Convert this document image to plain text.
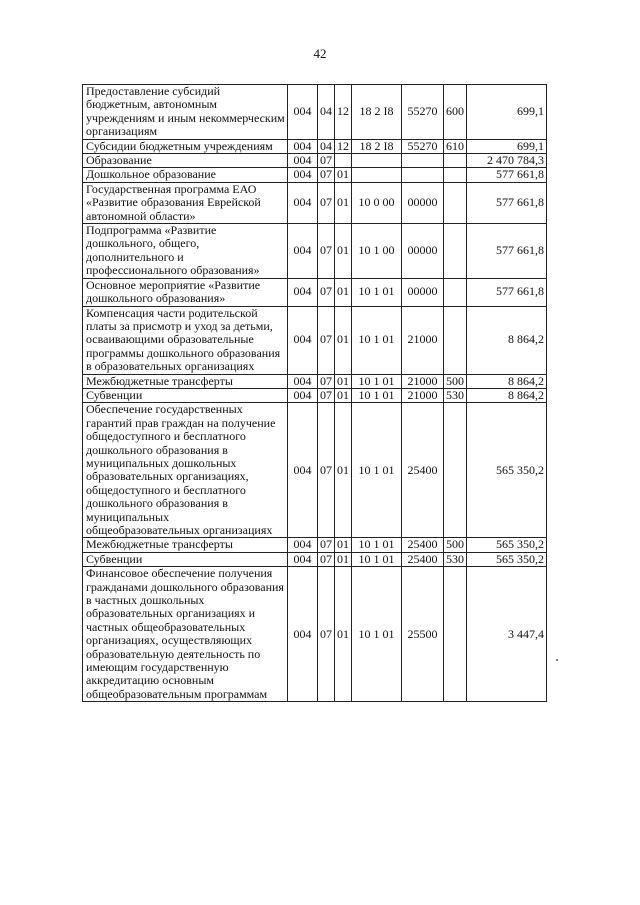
42
Предоставление субсидий бюджетным, автономным учреждениям и иным некоммерческим организациям	004	04	12	18 2 I8	55270	600	699,1
Субсидии бюджетным учреждениям	004	04	12	18 2 I8	55270	610	699,1
Образование	004	07					2 470 784,3
Дошкольное образование	004	07	01				577 661,8
Государственная программа ЕАО «Развитие образования Еврейской автономной области»	004	07	01	10 0 00	00000		577 661,8
Подпрограмма «Развитие дошкольного, общего, дополнительного и профессионального образования»	004	07	01	10 1 00	00000		577 661,8
Основное мероприятие «Развитие дошкольного образования»	004	07	01	10 1 01	00000		577 661,8
Компенсация части родительской платы за присмотр и уход за детьми, осваивающими образовательные программы дошкольного образования в образовательных организациях	004	07	01	10 1 01	21000		8 864,2
Межбюджетные трансферты	004	07	01	10 1 01	21000	500	8 864,2
Субвенции	004	07	01	10 1 01	21000	530	8 864,2
Обеспечение государственных гарантий прав граждан на получение общедоступного и бесплатного дошкольного образования в муниципальных дошкольных образовательных организациях, общедоступного и бесплатного дошкольного образования в муниципальных общеобразовательных организациях	004	07	01	10 1 01	25400		565 350,2
Межбюджетные трансферты	004	07	01	10 1 01	25400	500	565 350,2
Субвенции	004	07	01	10 1 01	25400	530	565 350,2
Финансовое обеспечение получения гражданами дошкольного образования в частных дошкольных образовательных организациях и частных общеобразовательных организациях, осуществляющих образовательную деятельность по имеющим государственную аккредитацию основным общеобразовательным программам	004	07	01	10 1 01	25500		3 447,4
